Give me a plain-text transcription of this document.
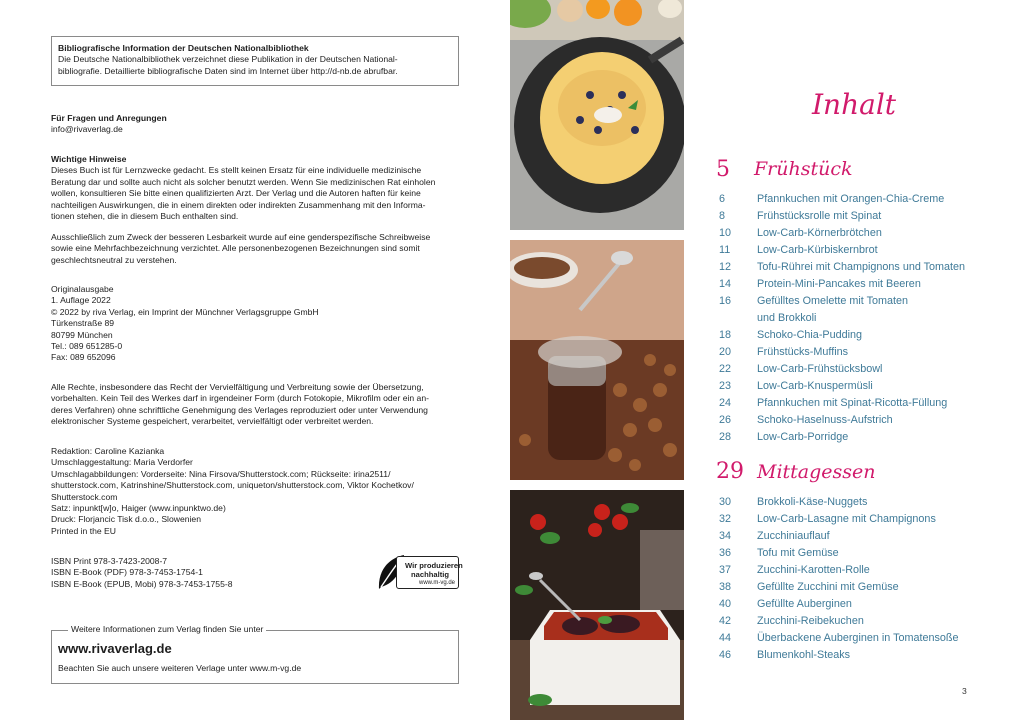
Bibliografische Information der Deutschen Nationalbibliothek
Die Deutsche Nationalbibliothek verzeichnet diese Publikation in der Deutschen National-
bibliografie. Detaillierte bibliografische Daten sind im Internet über http://d-nb.de abrufbar.
Für Fragen und Anregungen
info@rivaverlag.de
Wichtige Hinweise
Dieses Buch ist für Lernzwecke gedacht. Es stellt keinen Ersatz für eine individuelle medizinische
Beratung dar und sollte auch nicht als solcher benutzt werden. Wenn Sie medizinischen Rat einholen
wollen, konsultieren Sie bitte einen qualifizierten Arzt. Der Verlag und die Autoren haften für keine
nachteiligen Auswirkungen, die in einem direkten oder indirekten Zusammenhang mit den Informa-
tionen stehen, die in diesem Buch enthalten sind.
Ausschließlich zum Zweck der besseren Lesbarkeit wurde auf eine genderspezifische Schreibweise
sowie eine Mehrfachbezeichnung verzichtet. Alle personenbezogenen Bezeichnungen sind somit
geschlechtsneutral zu verstehen.
Originalausgabe
1. Auflage 2022
© 2022 by riva Verlag, ein Imprint der Münchner Verlagsgruppe GmbH
Türkenstraße 89
80799 München
Tel.: 089 651285-0
Fax: 089 652096
Alle Rechte, insbesondere das Recht der Vervielfältigung und Verbreitung sowie der Übersetzung,
vorbehalten. Kein Teil des Werkes darf in irgendeiner Form (durch Fotokopie, Mikrofilm oder ein an-
deres Verfahren) ohne schriftliche Genehmigung des Verlages reproduziert oder unter Verwendung
elektronischer Systeme gespeichert, verarbeitet, vervielfältigt oder verbreitet werden.
Redaktion: Caroline Kazianka
Umschlaggestaltung: Maria Verdorfer
Umschlagabbildungen: Vorderseite: Nina Firsova/Shutterstock.com; Rückseite: irina2511/
shutterstock.com, Katrinshine/Shutterstock.com, uniqueton/shutterstock.com, Viktor Kochetkov/
Shutterstock.com
Satz: inpunkt[w]o, Haiger (www.inpunktwo.de)
Druck: Florjancic Tisk d.o.o., Slowenien
Printed in the EU
ISBN Print 978-3-7423-2008-7
ISBN E-Book (PDF) 978-3-7453-1754-1
ISBN E-Book (EPUB, Mobi) 978-3-7453-1755-8
Wir produzieren
nachhaltig
www.m-vg.de
Weitere Informationen zum Verlag finden Sie unter
www.rivaverlag.de
Beachten Sie auch unsere weiteren Verlage unter www.m-vg.de
Inhalt
5 Frühstück
6	Pfannkuchen mit Orangen-Chia-Creme
8	Frühstücksrolle mit Spinat
10	Low-Carb-Körnerbrötchen
11	Low-Carb-Kürbiskernbrot
12	Tofu-Rührei mit Champignons und Tomaten
14	Protein-Mini-Pancakes mit Beeren
16	Gefülltes Omelette mit Tomaten
und Brokkoli
18	Schoko-Chia-Pudding
20	Frühstücks-Muffins
22	Low-Carb-Frühstücksbowl
23	Low-Carb-Knuspermüsli
24	Pfannkuchen mit Spinat-Ricotta-Füllung
26	Schoko-Haselnuss-Aufstrich
28	Low-Carb-Porridge
29 Mittagessen
30	Brokkoli-Käse-Nuggets
32	Low-Carb-Lasagne mit Champignons
34	Zucchiniauflauf
36	Tofu mit Gemüse
37	Zucchini-Karotten-Rolle
38	Gefüllte Zucchini mit Gemüse
40	Gefüllte Auberginen
42	Zucchini-Reibekuchen
44	Überbackene Auberginen in Tomatensoße
46	Blumenkohl-Steaks
3
